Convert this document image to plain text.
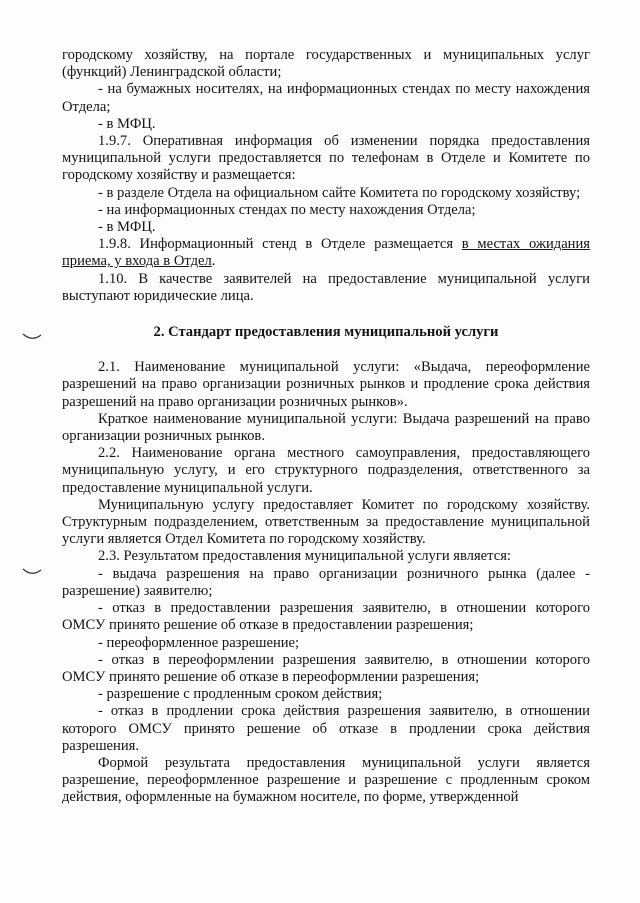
городскому хозяйству, на портале государственных и муниципальных услуг (функций) Ленинградской области;

- на бумажных носителях, на информационных стендах по месту нахождения Отдела;

- в МФЦ.

1.9.7. Оперативная информация об изменении порядка предоставления муниципальной услуги предоставляется по телефонам в Отделе и Комитете по городскому хозяйству и размещается:

- в разделе Отдела на официальном сайте Комитета по городскому хозяйству;

- на информационных стендах по месту нахождения Отдела;

- в МФЦ.

1.9.8. Информационный стенд в Отделе размещается в местах ожидания приема, у входа в Отдел.

1.10. В качестве заявителей на предоставление муниципальной услуги выступают юридические лица.

2. Стандарт предоставления муниципальной услуги

2.1. Наименование муниципальной услуги: «Выдача, переоформление разрешений на право организации розничных рынков и продление срока действия разрешений на право организации розничных рынков».

Краткое наименование муниципальной услуги: Выдача разрешений на право организации розничных рынков.

2.2. Наименование органа местного самоуправления, предоставляющего муниципальную услугу, и его структурного подразделения, ответственного за предоставление муниципальной услуги.

Муниципальную услугу предоставляет Комитет по городскому хозяйству. Структурным подразделением, ответственным за предоставление муниципальной услуги является Отдел Комитета по городскому хозяйству.

2.3. Результатом предоставления муниципальной услуги является:

- выдача разрешения на право организации розничного рынка (далее - разрешение) заявителю;

- отказ в предоставлении разрешения заявителю, в отношении которого ОМСУ принято решение об отказе в предоставлении разрешения;

- переоформленное разрешение;

- отказ в переоформлении разрешения заявителю, в отношении которого ОМСУ принято решение об отказе в переоформлении разрешения;

- разрешение с продленным сроком действия;

- отказ в продлении срока действия разрешения заявителю, в отношении которого ОМСУ принято решение об отказе в продлении срока действия разрешения.

Формой результата предоставления муниципальной услуги является разрешение, переоформленное разрешение и разрешение с продленным сроком действия, оформленные на бумажном носителе, по форме, утвержденной
